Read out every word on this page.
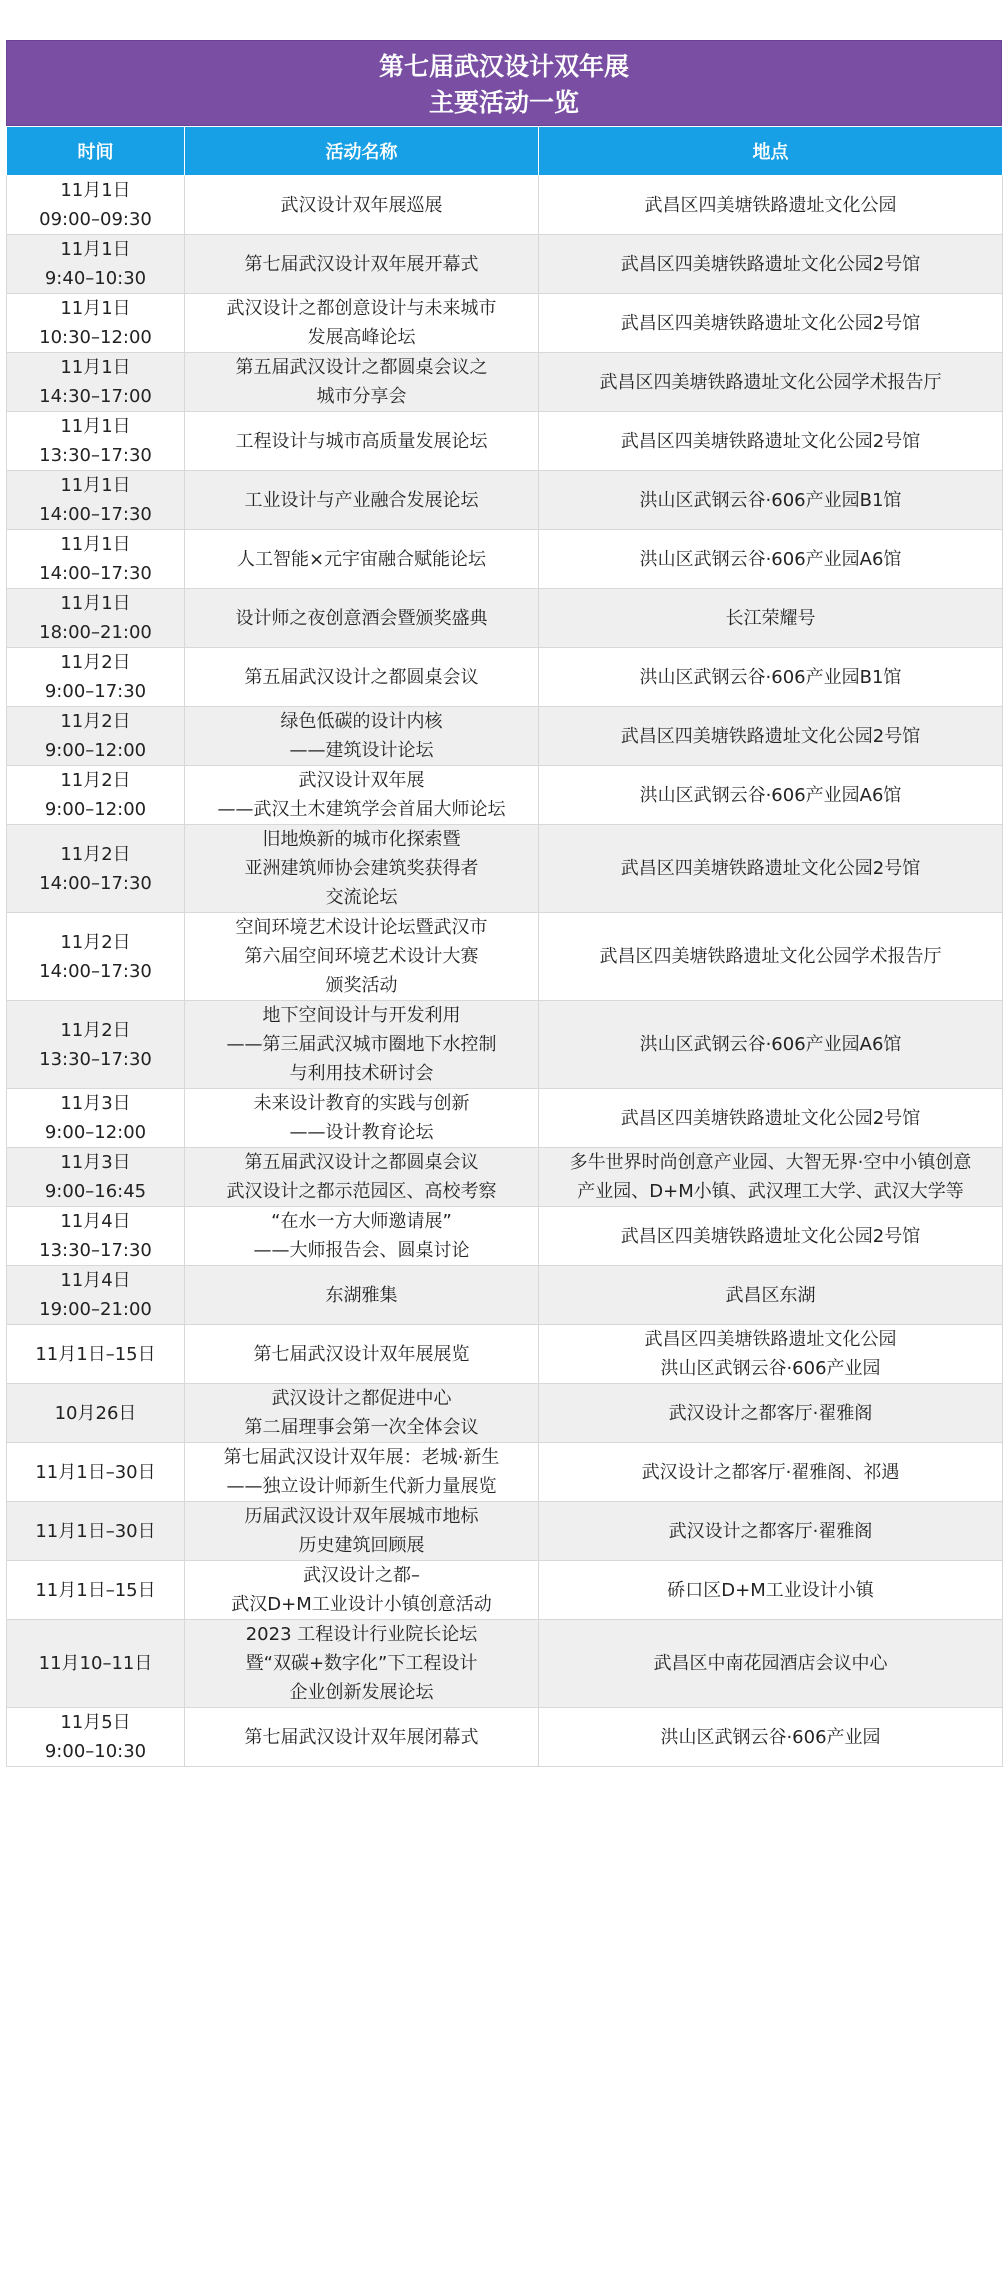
第七届武汉设计双年展
主要活动一览
时间	活动名称	地点

11月1日
09:00–09:30	武汉设计双年展巡展	武昌区四美塘铁路遗址文化公园

11月1日
9:40–10:30	第七届武汉设计双年展开幕式	武昌区四美塘铁路遗址文化公园2号馆

11月1日
10:30–12:00	武汉设计之都创意设计与未来城市
发展高峰论坛	武昌区四美塘铁路遗址文化公园2号馆

11月1日
14:30–17:00	第五届武汉设计之都圆桌会议之
城市分享会	武昌区四美塘铁路遗址文化公园学术报告厅

11月1日
13:30–17:30	工程设计与城市高质量发展论坛	武昌区四美塘铁路遗址文化公园2号馆

11月1日
14:00–17:30	工业设计与产业融合发展论坛	洪山区武钢云谷·606产业园B1馆

11月1日
14:00–17:30	人工智能×元宇宙融合赋能论坛	洪山区武钢云谷·606产业园A6馆

11月1日
18:00–21:00	设计师之夜创意酒会暨颁奖盛典	长江荣耀号

11月2日
9:00–17:30	第五届武汉设计之都圆桌会议	洪山区武钢云谷·606产业园B1馆

11月2日
9:00–12:00	绿色低碳的设计内核
——建筑设计论坛	武昌区四美塘铁路遗址文化公园2号馆

11月2日
9:00–12:00	武汉设计双年展
——武汉土木建筑学会首届大师论坛	洪山区武钢云谷·606产业园A6馆

11月2日
14:00–17:30	旧地焕新的城市化探索暨
亚洲建筑师协会建筑奖获得者
交流论坛	武昌区四美塘铁路遗址文化公园2号馆

11月2日
14:00–17:30	空间环境艺术设计论坛暨武汉市
第六届空间环境艺术设计大赛
颁奖活动	武昌区四美塘铁路遗址文化公园学术报告厅

11月2日
13:30–17:30	地下空间设计与开发利用
——第三届武汉城市圈地下水控制
与利用技术研讨会	洪山区武钢云谷·606产业园A6馆

11月3日
9:00–12:00	未来设计教育的实践与创新
——设计教育论坛	武昌区四美塘铁路遗址文化公园2号馆

11月3日
9:00–16:45	第五届武汉设计之都圆桌会议
武汉设计之都示范园区、高校考察	多牛世界时尚创意产业园、大智无界·空中小镇创意
产业园、D+M小镇、武汉理工大学、武汉大学等

11月4日
13:30–17:30	“在水一方大师邀请展”
——大师报告会、圆桌讨论	武昌区四美塘铁路遗址文化公园2号馆

11月4日
19:00–21:00	东湖雅集	武昌区东湖

11月1日–15日	第七届武汉设计双年展展览	武昌区四美塘铁路遗址文化公园
洪山区武钢云谷·606产业园

10月26日	武汉设计之都促进中心
第二届理事会第一次全体会议	武汉设计之都客厅·翟雅阁

11月1日–30日	第七届武汉设计双年展：老城·新生
——独立设计师新生代新力量展览	武汉设计之都客厅·翟雅阁、祁遇

11月1日–30日	历届武汉设计双年展城市地标
历史建筑回顾展	武汉设计之都客厅·翟雅阁

11月1日–15日	武汉设计之都–
武汉D+M工业设计小镇创意活动	硚口区D+M工业设计小镇

11月10–11日	2023 工程设计行业院长论坛
暨“双碳+数字化”下工程设计
企业创新发展论坛	武昌区中南花园酒店会议中心

11月5日
9:00–10:30	第七届武汉设计双年展闭幕式	洪山区武钢云谷·606产业园
